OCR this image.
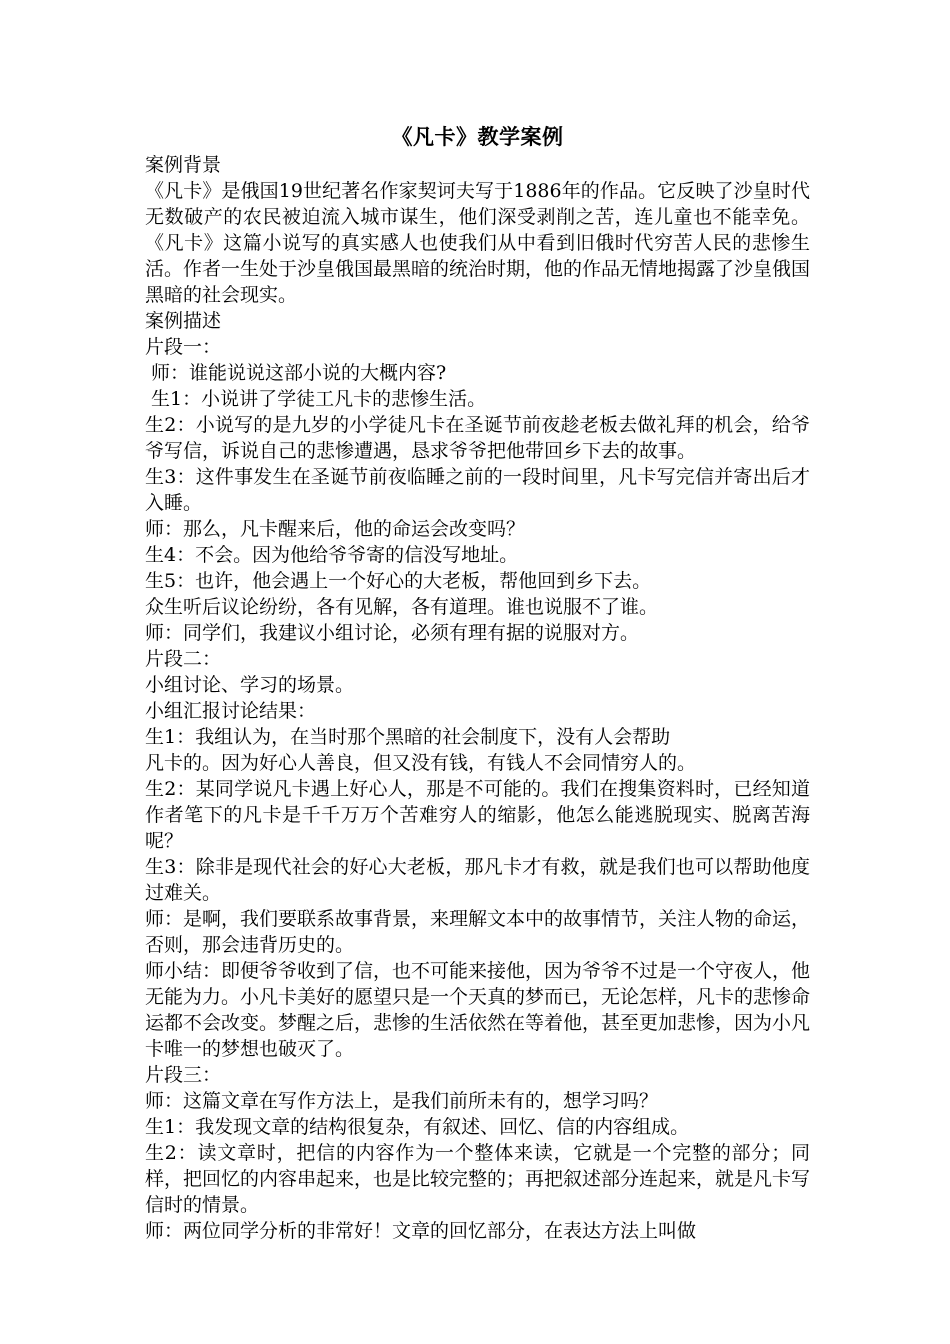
《凡卡》教学案例

案例背景

《凡卡》是俄国19世纪著名作家契诃夫写于1886年的作品。它反映了沙皇时代无数破产的农民被迫流入城市谋生，他们深受剥削之苦，连儿童也不能幸免。《凡卡》这篇小说写的真实感人也使我们从中看到旧俄时代穷苦人民的悲惨生活。作者一生处于沙皇俄国最黑暗的统治时期，他的作品无情地揭露了沙皇俄国黑暗的社会现实。

案例描述

片段一：

师：谁能说说这部小说的大概内容?

生1：小说讲了学徒工凡卡的悲惨生活。

生2：小说写的是九岁的小学徒凡卡在圣诞节前夜趁老板去做礼拜的机会，给爷爷写信，诉说自己的悲惨遭遇，恳求爷爷把他带回乡下去的故事。

生3：这件事发生在圣诞节前夜临睡之前的一段时间里，凡卡写完信并寄出后才入睡。

师：那么，凡卡醒来后，他的命运会改变吗？

生4：不会。因为他给爷爷寄的信没写地址。

生5：也许，他会遇上一个好心的大老板，帮他回到乡下去。

众生听后议论纷纷，各有见解，各有道理。谁也说服不了谁。

师：同学们，我建议小组讨论，必须有理有据的说服对方。

片段二：

小组讨论、学习的场景。

小组汇报讨论结果：

生1：我组认为，在当时那个黑暗的社会制度下，没有人会帮助

凡卡的。因为好心人善良，但又没有钱，有钱人不会同情穷人的。

生2：某同学说凡卡遇上好心人，那是不可能的。我们在搜集资料时，已经知道作者笔下的凡卡是千千万万个苦难穷人的缩影，他怎么能逃脱现实、脱离苦海呢？

生3：除非是现代社会的好心大老板，那凡卡才有救，就是我们也可以帮助他度过难关。

师：是啊，我们要联系故事背景，来理解文本中的故事情节，关注人物的命运，否则，那会违背历史的。

师小结：即便爷爷收到了信，也不可能来接他，因为爷爷不过是一个守夜人，他无能为力。小凡卡美好的愿望只是一个天真的梦而已，无论怎样，凡卡的悲惨命运都不会改变。梦醒之后，悲惨的生活依然在等着他，甚至更加悲惨，因为小凡卡唯一的梦想也破灭了。

片段三：

师：这篇文章在写作方法上，是我们前所未有的，想学习吗？

生1：我发现文章的结构很复杂，有叙述、回忆、信的内容组成。

生2：读文章时，把信的内容作为一个整体来读，它就是一个完整的部分；同样，把回忆的内容串起来，也是比较完整的；再把叙述部分连起来，就是凡卡写信时的情景。

师：两位同学分析的非常好！文章的回忆部分，在表达方法上叫做
